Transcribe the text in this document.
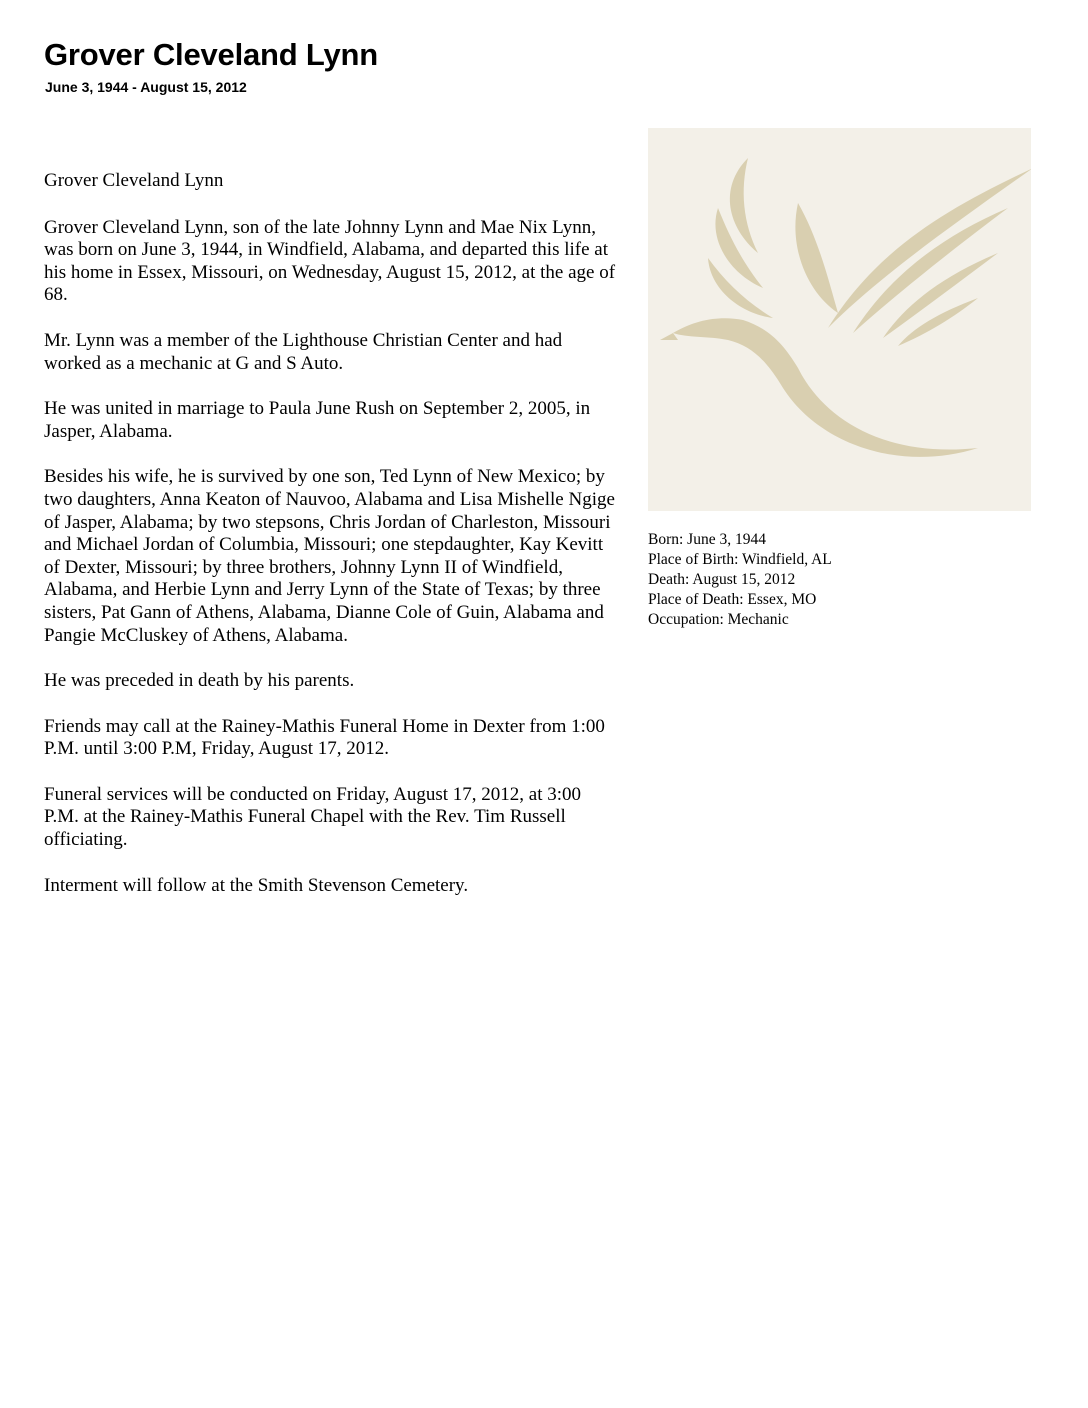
Grover Cleveland Lynn
June 3, 1944 - August 15, 2012

Grover Cleveland Lynn

Grover Cleveland Lynn, son of the late Johnny Lynn and Mae Nix Lynn, was born on June 3, 1944, in Windfield, Alabama, and departed this life at his home in Essex, Missouri, on Wednesday, August 15, 2012, at the age of 68.

Mr. Lynn was a member of the Lighthouse Christian Center and had worked as a mechanic at G and S Auto.

He was united in marriage to Paula June Rush on September 2, 2005, in Jasper, Alabama.

Besides his wife, he is survived by one son, Ted Lynn of New Mexico; by two daughters, Anna Keaton of Nauvoo, Alabama and Lisa Mishelle Ngige of Jasper, Alabama; by two stepsons, Chris Jordan of Charleston, Missouri and Michael Jordan of Columbia, Missouri; one stepdaughter, Kay Kevitt of Dexter, Missouri; by three brothers, Johnny Lynn II of Windfield, Alabama, and Herbie Lynn and Jerry Lynn of the State of Texas; by three sisters, Pat Gann of Athens, Alabama, Dianne Cole of Guin, Alabama and Pangie McCluskey of Athens, Alabama.

He was preceded in death by his parents.

Friends may call at the Rainey-Mathis Funeral Home in Dexter from 1:00 P.M. until 3:00 P.M, Friday, August 17, 2012.

Funeral services will be conducted on Friday, August 17, 2012, at 3:00 P.M. at the Rainey-Mathis Funeral Chapel with the Rev. Tim Russell officiating.

Interment will follow at the Smith Stevenson Cemetery.

Born: June 3, 1944
Place of Birth: Windfield, AL
Death: August 15, 2012
Place of Death: Essex, MO
Occupation: Mechanic
